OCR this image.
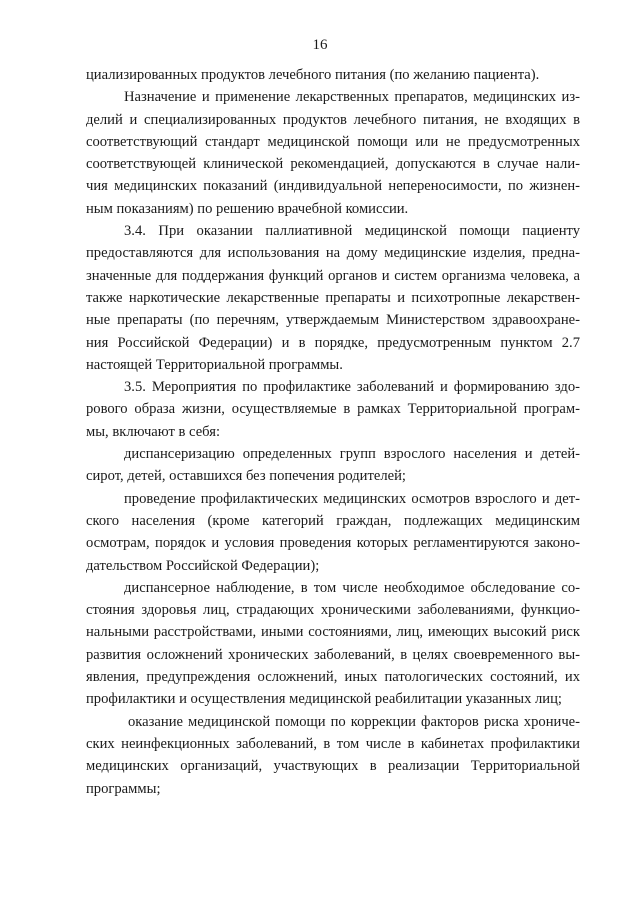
16
циализированных продуктов лечебного питания (по желанию пациента).
Назначение и применение лекарственных препаратов, медицинских из-
делий и специализированных продуктов лечебного питания, не входящих в
соответствующий стандарт медицинской помощи или не предусмотренных
соответствующей клинической рекомендацией, допускаются в случае нали-
чия медицинских показаний (индивидуальной непереносимости, по жизнен-
ным показаниям) по решению врачебной комиссии.
3.4. При оказании паллиативной медицинской помощи пациенту
предоставляются для использования на дому медицинские изделия, предна-
значенные для поддержания функций органов и систем организма человека, а
также наркотические лекарственные препараты и психотропные лекарствен-
ные препараты (по перечням, утверждаемым Министерством здравоохране-
ния Российской Федерации) и в порядке, предусмотренным пунктом 2.7
настоящей Территориальной программы.
3.5. Мероприятия по профилактике заболеваний и формированию здо-
рового образа жизни, осуществляемые в рамках Территориальной програм-
мы, включают в себя:
диспансеризацию определенных групп взрослого населения и детей-
сирот, детей, оставшихся без попечения родителей;
проведение профилактических медицинских осмотров взрослого и дет-
ского населения (кроме категорий граждан, подлежащих медицинским
осмотрам, порядок и условия проведения которых регламентируются законо-
дательством Российской Федерации);
диспансерное наблюдение, в том числе необходимое обследование со-
стояния здоровья лиц, страдающих хроническими заболеваниями, функцио-
нальными расстройствами, иными состояниями, лиц, имеющих высокий риск
развития осложнений хронических заболеваний, в целях своевременного вы-
явления, предупреждения осложнений, иных патологических состояний, их
профилактики и осуществления медицинской реабилитации указанных лиц;
оказание медицинской помощи по коррекции факторов риска хрониче-
ских неинфекционных заболеваний, в том числе в кабинетах профилактики
медицинских организаций, участвующих в реализации Территориальной
программы;
